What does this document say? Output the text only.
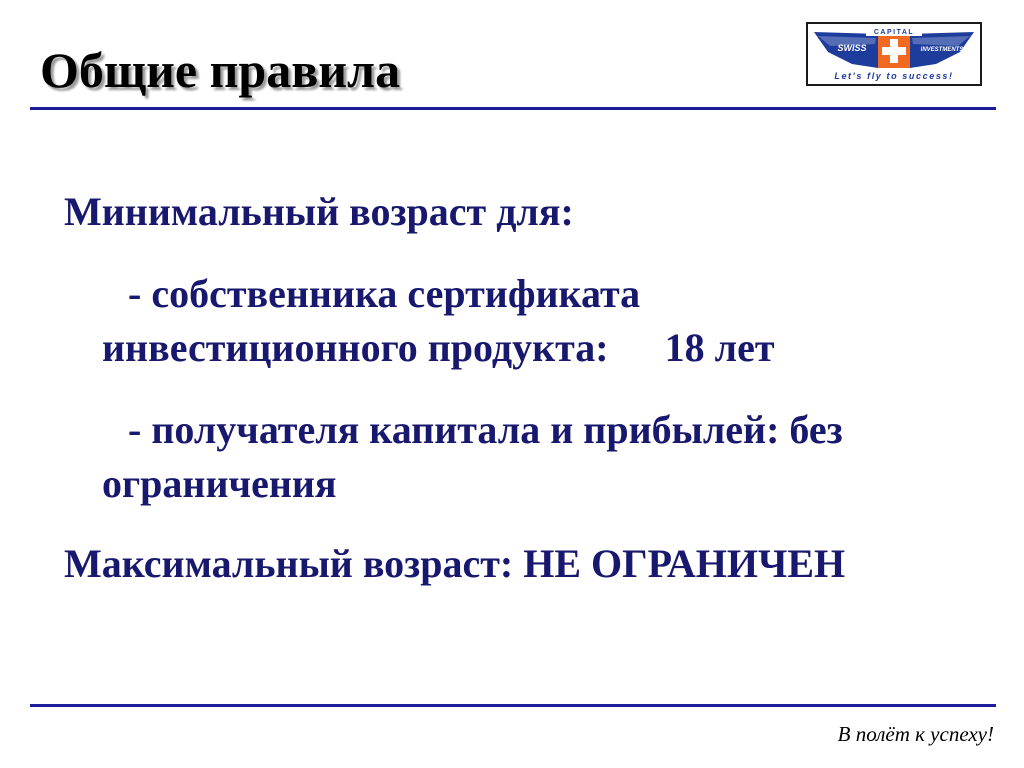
Общие правила
CAPITAL
SWISS	INVESTMENTS
Let's fly to success!

Минимальный возраст для:

- собственника сертификата

инвестиционного продукта: 18 лет

- получателя капитала и прибылей: без

ограничения

Максимальный возраст: НЕ ОГРАНИЧЕН

В полёт к успеху!
